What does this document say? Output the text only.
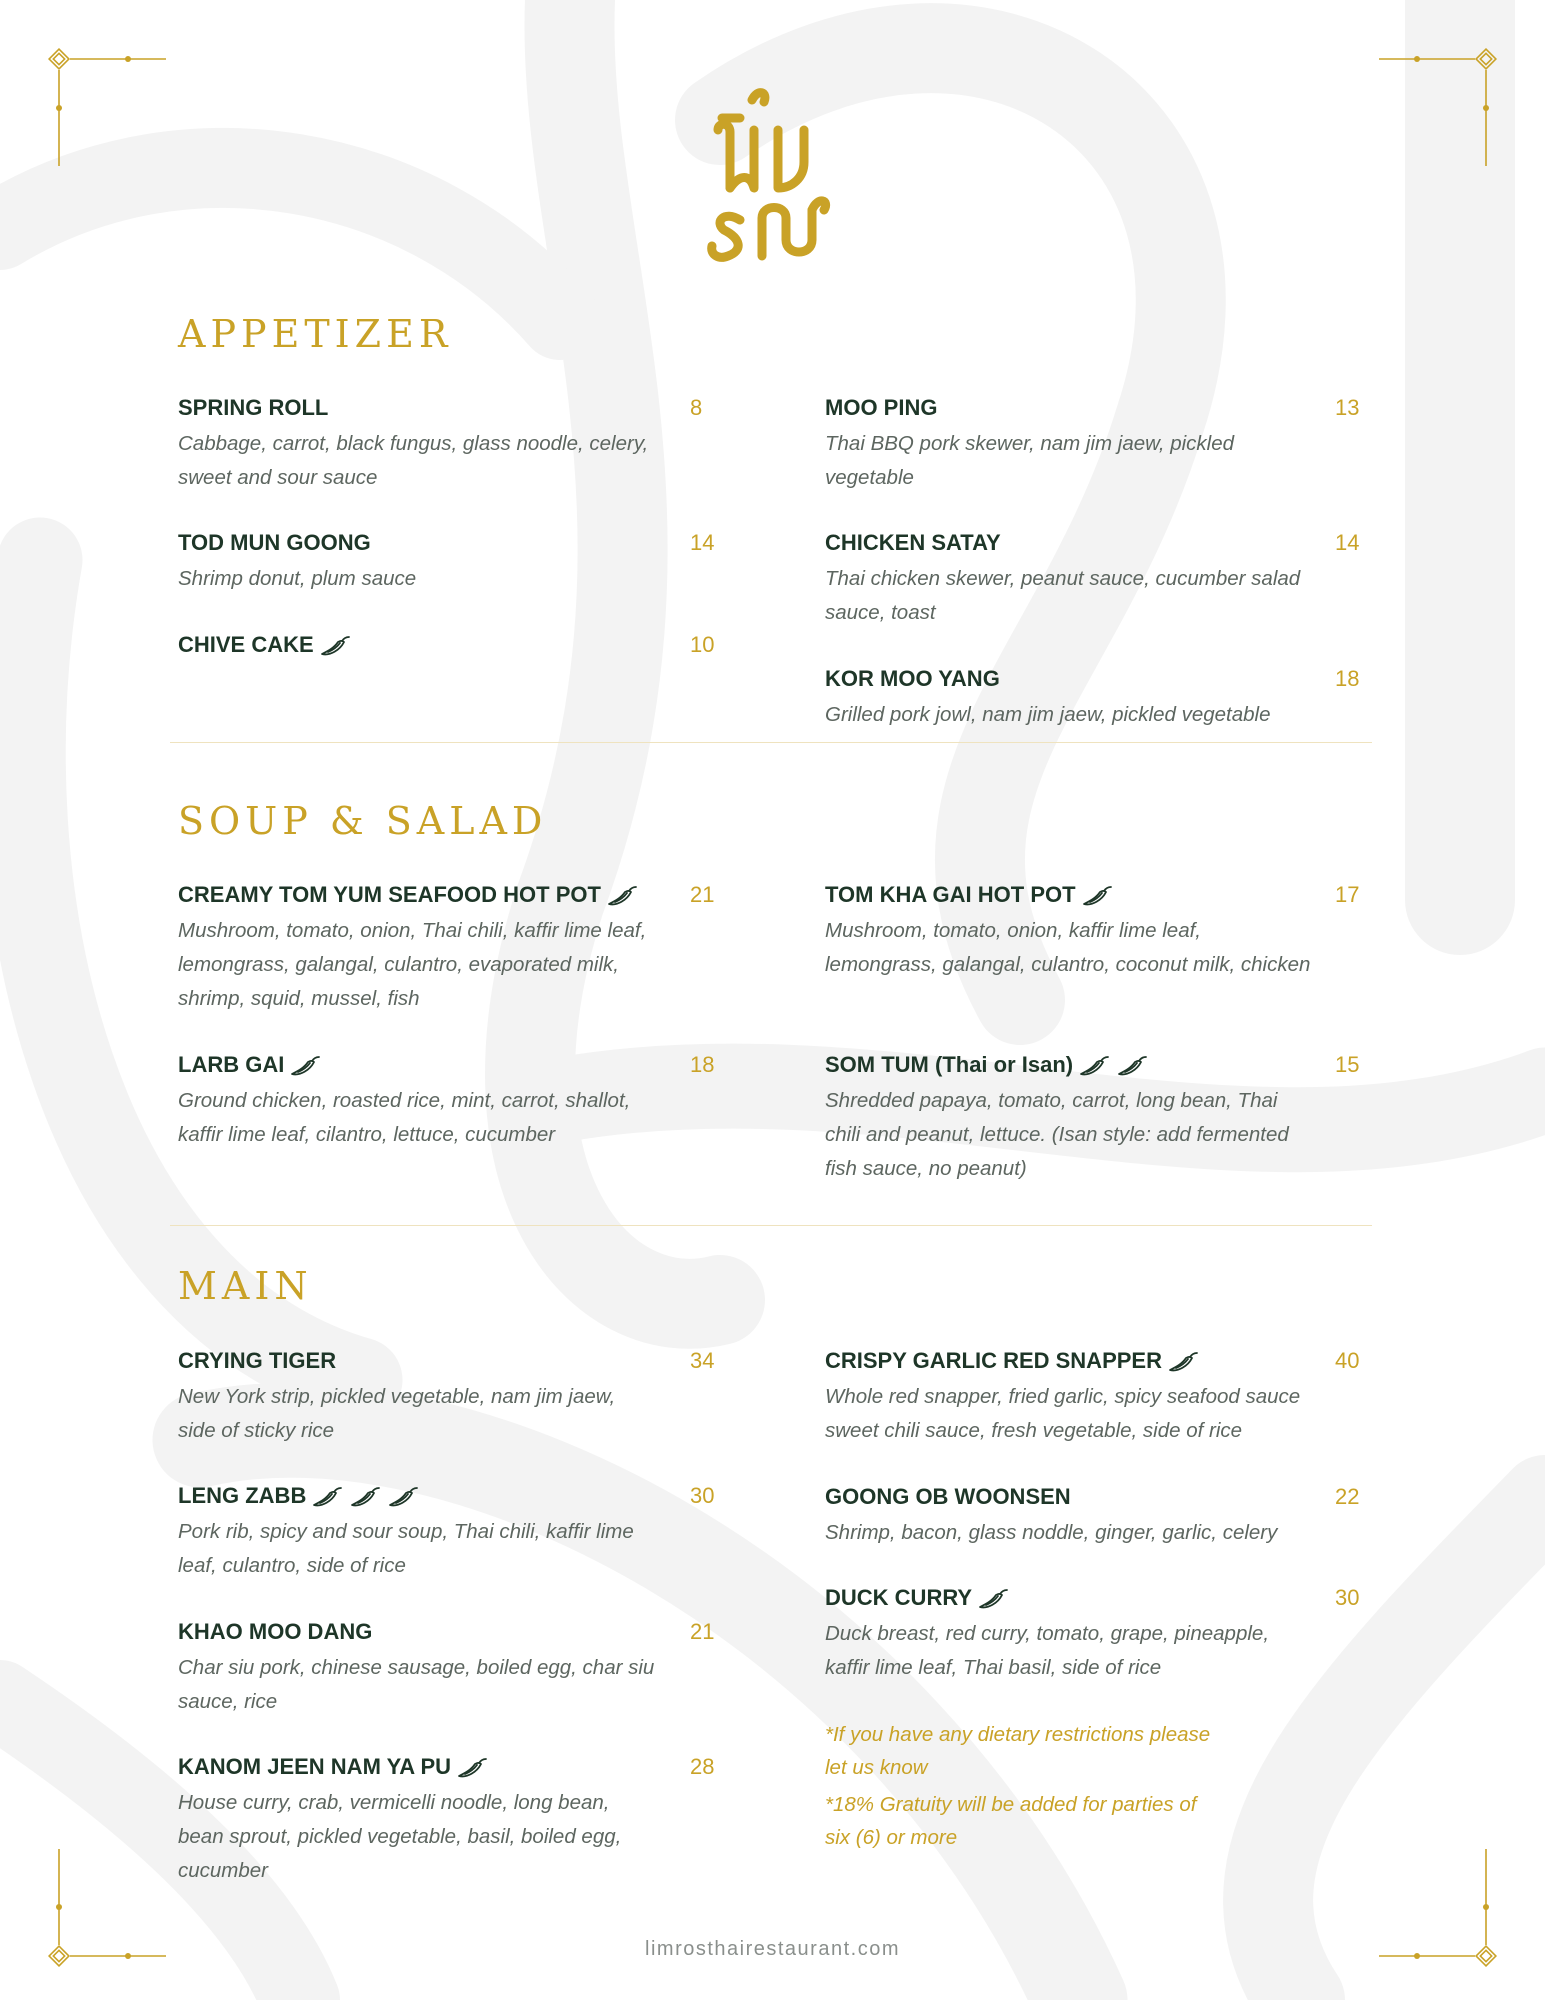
APPETIZER
SPRING ROLL	8
Cabbage, carrot, black fungus, glass noodle, celery,
sweet and sour sauce
TOD MUN GOONG	14
Shrimp donut, plum sauce
CHIVE CAKE	10
MOO PING	13
Thai BBQ pork skewer, nam jim jaew, pickled
vegetable
CHICKEN SATAY	14
Thai chicken skewer, peanut sauce, cucumber salad
sauce, toast
KOR MOO YANG	18
Grilled pork jowl, nam jim jaew, pickled vegetable
SOUP & SALAD
CREAMY TOM YUM SEAFOOD HOT POT	21
Mushroom, tomato, onion, Thai chili, kaffir lime leaf,
lemongrass, galangal, culantro, evaporated milk,
shrimp, squid, mussel, fish
LARB GAI	18
Ground chicken, roasted rice, mint, carrot, shallot,
kaffir lime leaf, cilantro, lettuce, cucumber
TOM KHA GAI HOT POT	17
Mushroom, tomato, onion, kaffir lime leaf,
lemongrass, galangal, culantro, coconut milk, chicken
SOM TUM (Thai or Isan)	15
Shredded papaya, tomato, carrot, long bean, Thai
chili and peanut, lettuce. (Isan style: add fermented
fish sauce, no peanut)
MAIN
CRYING TIGER	34
New York strip, pickled vegetable, nam jim jaew,
side of sticky rice
LENG ZABB	30
Pork rib, spicy and sour soup, Thai chili, kaffir lime
leaf, culantro, side of rice
KHAO MOO DANG	21
Char siu pork, chinese sausage, boiled egg, char siu
sauce, rice
KANOM JEEN NAM YA PU	28
House curry, crab, vermicelli noodle, long bean,
bean sprout, pickled vegetable, basil, boiled egg,
cucumber
CRISPY GARLIC RED SNAPPER	40
Whole red snapper, fried garlic, spicy seafood sauce
sweet chili sauce, fresh vegetable, side of rice
GOONG OB WOONSEN	22
Shrimp, bacon, glass noddle, ginger, garlic, celery
DUCK CURRY	30
Duck breast, red curry, tomato, grape, pineapple,
kaffir lime leaf, Thai basil, side of rice
*If you have any dietary restrictions please
let us know
*18% Gratuity will be added for parties of
six (6) or more
limrosthairestaurant.com
